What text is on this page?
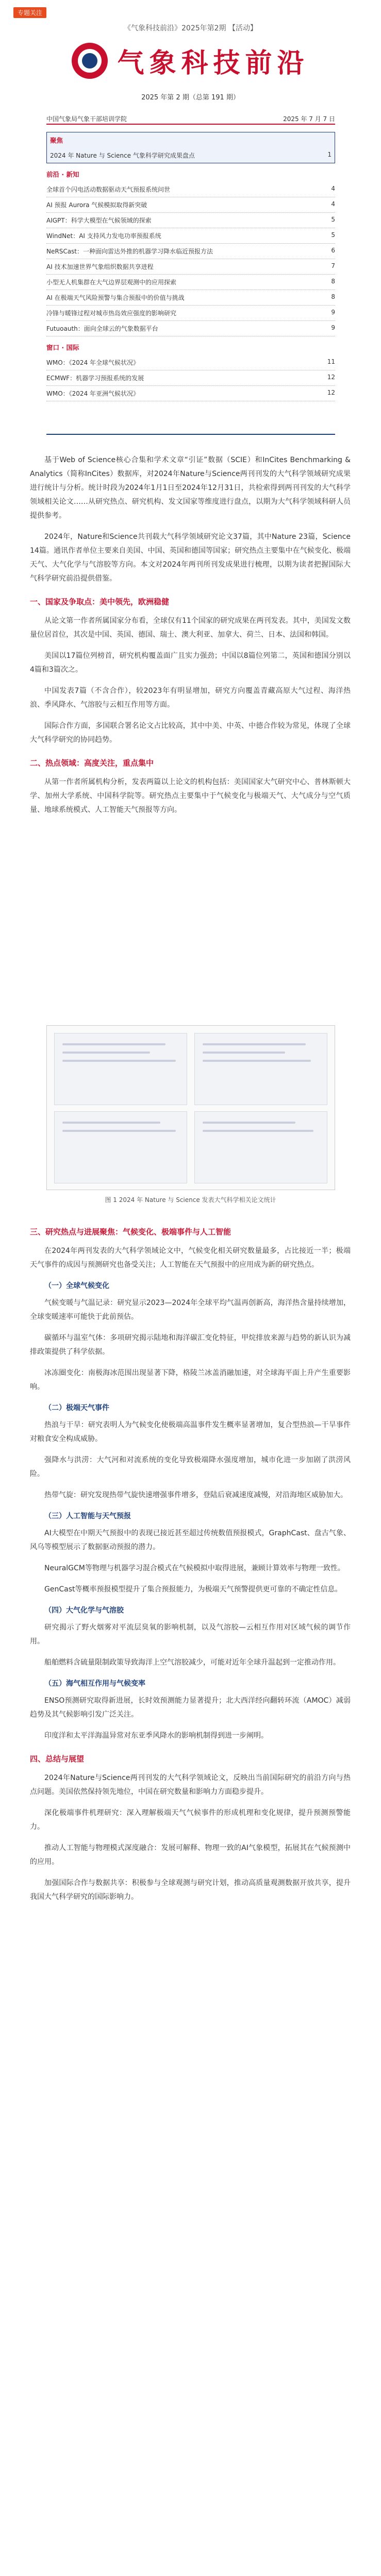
专题关注
《气象科技前沿》2025年第2期 【活动】
气象科技前沿
2025 年第 2 期（总第 191 期）
中国气象局气象干部培训学院	2025 年 7 月 7 日
聚焦
2024 年 Nature 与 Science 气象科学研究成果盘点	1
前沿 · 新知
全球首个闪电活动数据驱动天气预报系统问世	4
AI 预报 Aurora 气候模拟取得新突破	4
AIGPT：科学大模型在气候领域的探索	5
WindNet：AI 支持风力发电功率预报系统	5
NeRSCast：一种面向雷达外推的机器学习降水临近预报方法	6
AI 技术加速世界气象组织数据共享进程	7
小型无人机集群在大气边界层观测中的应用探索	8
AI 在极端天气风险预警与集合预报中的价值与挑战	8
冷锋与暖锋过程对城市热岛效应强度的影响研究	9
Futuoauth：面向全球云的气象数据平台	9
窗口 · 国际
WMO：《2024 年全球气候状况》	11
ECMWF：机器学习预报系统的发展	12
WMO：《2024 年亚洲气候状况》	12

基于Web of Science核心合集和学术文章“引证”数据（SCIE）和InCites Benchmarking & Analytics（简称InCites）数据库，对2024年Nature与Science两刊刊发的大气科学领域研究成果进行统计与分析。统计时段为2024年1月1日至2024年12月31日，共检索得到两刊刊发的大气科学领域相关论文……从研究热点、研究机构、发文国家等维度进行盘点，以期为大气科学领域科研人员提供参考。

2024年，Nature和Science共刊载大气科学领域研究论文37篇，其中Nature 23篇，Science 14篇。通讯作者单位主要来自美国、中国、英国和德国等国家；研究热点主要集中在气候变化、极端天气、大气化学与气溶胶等方向。本文对2024年两刊所刊发成果进行梳理，以期为读者把握国际大气科学研究前沿提供借鉴。

一、国家及争取点：美中领先，欧洲稳健

从论文第一作者所属国家分布看，全球仅有11个国家的研究成果在两刊发表。其中，美国发文数量位居首位，其次是中国、英国、德国、瑞士、澳大利亚、加拿大、荷兰、日本、法国和韩国。

美国以17篇位列榜首，研究机构覆盖面广且实力强劲；中国以8篇位列第二，英国和德国分别以4篇和3篇次之。

中国发表7篇（不含合作），较2023年有明显增加，研究方向覆盖青藏高原大气过程、海洋热浪、季风降水、气溶胶与云相互作用等方面。

国际合作方面，多国联合署名论文占比较高，其中中美、中英、中德合作较为常见，体现了全球大气科学研究的协同趋势。

二、热点领域：高度关注，重点集中

从第一作者所属机构分析，发表两篇以上论文的机构包括：美国国家大气研究中心、普林斯顿大学、加州大学系统、中国科学院等。研究热点主要集中于气候变化与极端天气、大气成分与空气质量、地球系统模式、人工智能天气预报等方向。

图 1 2024 年 Nature 与 Science 发表大气科学相关论文统计
三、研究热点与进展聚焦：气候变化、极端事件与人工智能

在2024年两刊发表的大气科学领域论文中，气候变化相关研究数量最多，占比接近一半；极端天气事件的成因与预测研究也备受关注；人工智能在天气预报中的应用成为新的研究热点。

（一）全球气候变化

气候变暖与气温记录：研究显示2023—2024年全球平均气温再创新高，海洋热含量持续增加，全球变暖速率可能快于此前预估。

碳循环与温室气体：多项研究揭示陆地和海洋碳汇变化特征，甲烷排放来源与趋势的新认识为减排政策提供了科学依据。

冰冻圈变化：南极海冰范围出现显著下降，格陵兰冰盖消融加速，对全球海平面上升产生重要影响。

（二）极端天气事件

热浪与干旱：研究表明人为气候变化使极端高温事件发生概率显著增加，复合型热浪—干旱事件对粮食安全构成威胁。

强降水与洪涝：大气河和对流系统的变化导致极端降水强度增加，城市化进一步加剧了洪涝风险。

热带气旋：研究发现热带气旋快速增强事件增多，登陆后衰减速度减慢，对沿海地区威胁加大。

（三）人工智能与天气预报

AI大模型在中期天气预报中的表现已接近甚至超过传统数值预报模式，GraphCast、盘古气象、风乌等模型展示了数据驱动预报的潜力。

NeuralGCM等物理与机器学习混合模式在气候模拟中取得进展，兼顾计算效率与物理一致性。

GenCast等概率预报模型提升了集合预报能力，为极端天气预警提供更可靠的不确定性信息。

（四）大气化学与气溶胶

研究揭示了野火烟雾对平流层臭氧的影响机制，以及气溶胶—云相互作用对区域气候的调节作用。

船舶燃料含硫量限制政策导致海洋上空气溶胶减少，可能对近年全球升温起到一定推动作用。

（五）海气相互作用与气候变率

ENSO预测研究取得新进展，长时效预测能力显著提升；北大西洋经向翻转环流（AMOC）减弱趋势及其气候影响引发广泛关注。

印度洋和太平洋海温异常对东亚季风降水的影响机制得到进一步阐明。

四、总结与展望

2024年Nature与Science两刊刊发的大气科学领域论文，反映出当前国际研究的前沿方向与热点问题。美国依然保持领先地位，中国在研究数量和影响力方面稳步提升。

深化极端事件机理研究：深入理解极端天气气候事件的形成机理和变化规律，提升预测预警能力。

推动人工智能与物理模式深度融合：发展可解释、物理一致的AI气象模型，拓展其在气候预测中的应用。

加强国际合作与数据共享：积极参与全球观测与研究计划，推动高质量观测数据开放共享，提升我国大气科学研究的国际影响力。
